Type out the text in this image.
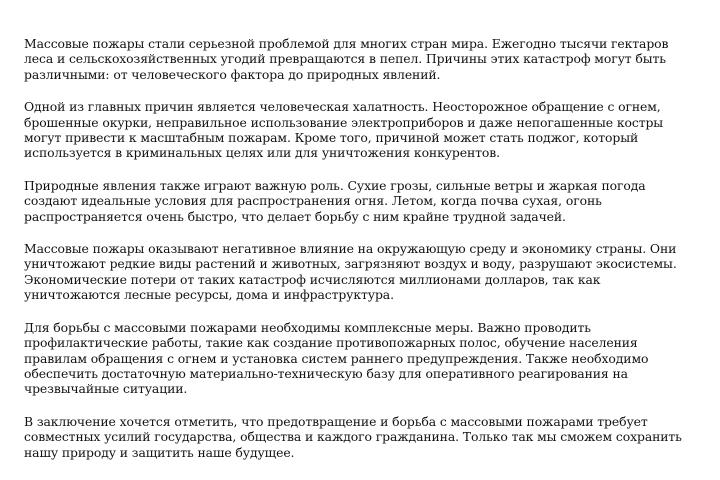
Массовые пожары стали серьезной проблемой для многих стран мира. Ежегодно тысячи гектаров леса и сельскохозяйственных угодий превращаются в пепел. Причины этих катастроф могут быть различными: от человеческого фактора до природных явлений.

Одной из главных причин является человеческая халатность. Неосторожное обращение с огнем, брошенные окурки, неправильное использование электроприборов и даже непогашенные костры могут привести к масштабным пожарам. Кроме того, причиной может стать поджог, который используется в криминальных целях или для уничтожения конкурентов.

Природные явления также играют важную роль. Сухие грозы, сильные ветры и жаркая погода создают идеальные условия для распространения огня. Летом, когда почва сухая, огонь распространяется очень быстро, что делает борьбу с ним крайне трудной задачей.

Массовые пожары оказывают негативное влияние на окружающую среду и экономику страны. Они уничтожают редкие виды растений и животных, загрязняют воздух и воду, разрушают экосистемы. Экономические потери от таких катастроф исчисляются миллионами долларов, так как уничтожаются лесные ресурсы, дома и инфраструктура.

Для борьбы с массовыми пожарами необходимы комплексные меры. Важно проводить профилактические работы, такие как создание противопожарных полос, обучение населения правилам обращения с огнем и установка систем раннего предупреждения. Также необходимо обеспечить достаточную материально-техническую базу для оперативного реагирования на чрезвычайные ситуации.

В заключение хочется отметить, что предотвращение и борьба с массовыми пожарами требует совместных усилий государства, общества и каждого гражданина. Только так мы сможем сохранить нашу природу и защитить наше будущее.
